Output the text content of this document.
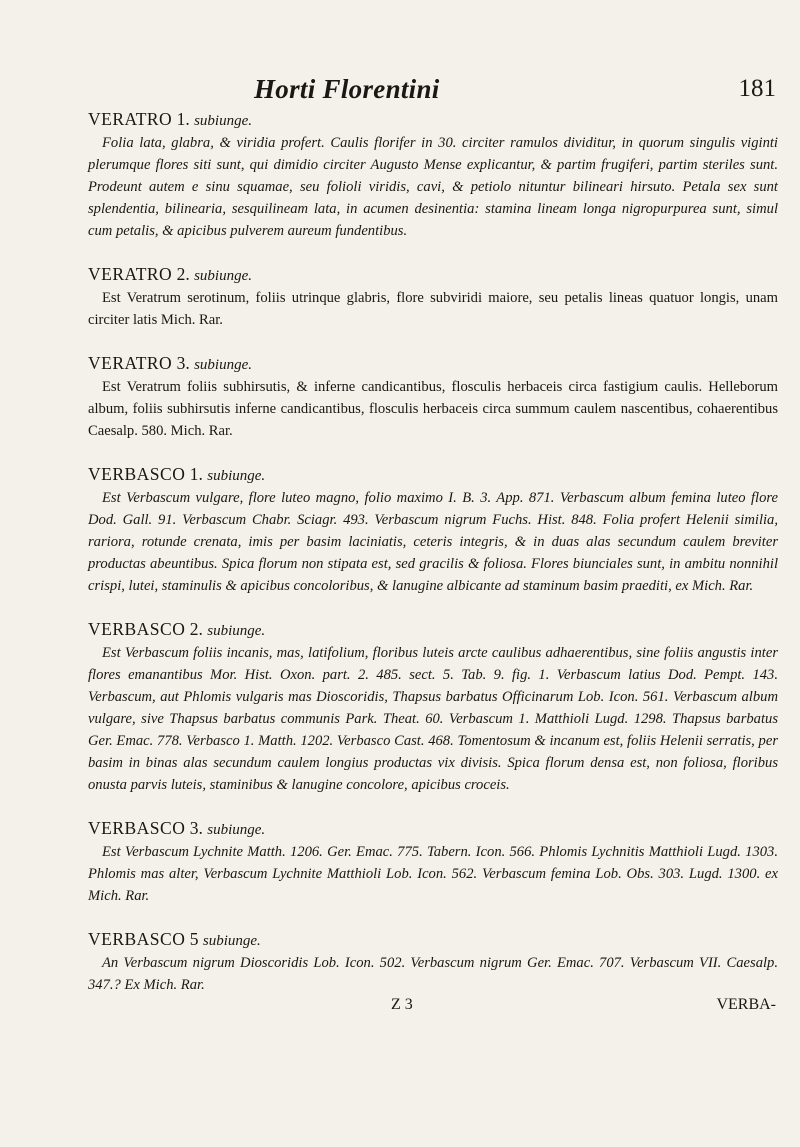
Horti Florentini	181

VERATRO 1. subiunge.

Folia lata, glabra, & viridia profert. Caulis florifer in 30. circiter ramulos dividitur, in quorum singulis viginti plerumque flores siti sunt, qui dimidio circiter Augusto Mense explicantur, & partim frugiferi, partim steriles sunt. Prodeunt autem e sinu squamae, seu folioli viridis, cavi, & petiolo nituntur bilineari hirsuto. Petala sex sunt splendentia, bilinearia, sesquilineam lata, in acumen desinentia: stamina lineam longa nigropurpurea sunt, simul cum petalis, & apicibus pulverem aureum fundentibus.

VERATRO 2. subiunge.

Est Veratrum serotinum, foliis utrinque glabris, flore subviridi maiore, seu petalis lineas quatuor longis, unam circiter latis Mich. Rar.

VERATRO 3. subiunge.

Est Veratrum foliis subhirsutis, & inferne candicantibus, flosculis herbaceis circa fastigium caulis. Helleborum album, foliis subhirsutis inferne candicantibus, flosculis herbaceis circa summum caulem nascentibus, cohaerentibus Caesalp. 580. Mich. Rar.

VERBASCO 1. subiunge.

Est Verbascum vulgare, flore luteo magno, folio maximo I. B. 3. App. 871. Verbascum album femina luteo flore Dod. Gall. 91. Verbascum Chabr. Sciagr. 493. Verbascum nigrum Fuchs. Hist. 848. Folia profert Helenii similia, rariora, rotunde crenata, imis per basim laciniatis, ceteris integris, & in duas alas secundum caulem breviter productas abeuntibus. Spica florum non stipata est, sed gracilis & foliosa. Flores biunciales sunt, in ambitu nonnihil crispi, lutei, staminulis & apicibus concoloribus, & lanugine albicante ad staminum basim praediti, ex Mich. Rar.

VERBASCO 2. subiunge.

Est Verbascum foliis incanis, mas, latifolium, floribus luteis arcte caulibus adhaerentibus, sine foliis angustis inter flores emanantibus Mor. Hist. Oxon. part. 2. 485. sect. 5. Tab. 9. fig. 1. Verbascum latius Dod. Pempt. 143. Verbascum, aut Phlomis vulgaris mas Dioscoridis, Thapsus barbatus Officinarum Lob. Icon. 561. Verbascum album vulgare, sive Thapsus barbatus communis Park. Theat. 60. Verbascum 1. Matthioli Lugd. 1298. Thapsus barbatus Ger. Emac. 778. Verbasco 1. Matth. 1202. Verbasco Cast. 468. Tomentosum & incanum est, foliis Helenii serratis, per basim in binas alas secundum caulem longius productas vix divisis. Spica florum densa est, non foliosa, floribus onusta parvis luteis, staminibus & lanugine concolore, apicibus croceis.

VERBASCO 3. subiunge.

Est Verbascum Lychnite Matth. 1206. Ger. Emac. 775. Tabern. Icon. 566. Phlomis Lychnitis Matthioli Lugd. 1303. Phlomis mas alter, Verbascum Lychnite Matthioli Lob. Icon. 562. Verbascum femina Lob. Obs. 303. Lugd. 1300. ex Mich. Rar.

VERBASCO 5 subiunge.

An Verbascum nigrum Dioscoridis Lob. Icon. 502. Verbascum nigrum Ger. Emac. 707. Verbascum VII. Caesalp. 347.? Ex Mich. Rar.

Z 3	VERBA-
